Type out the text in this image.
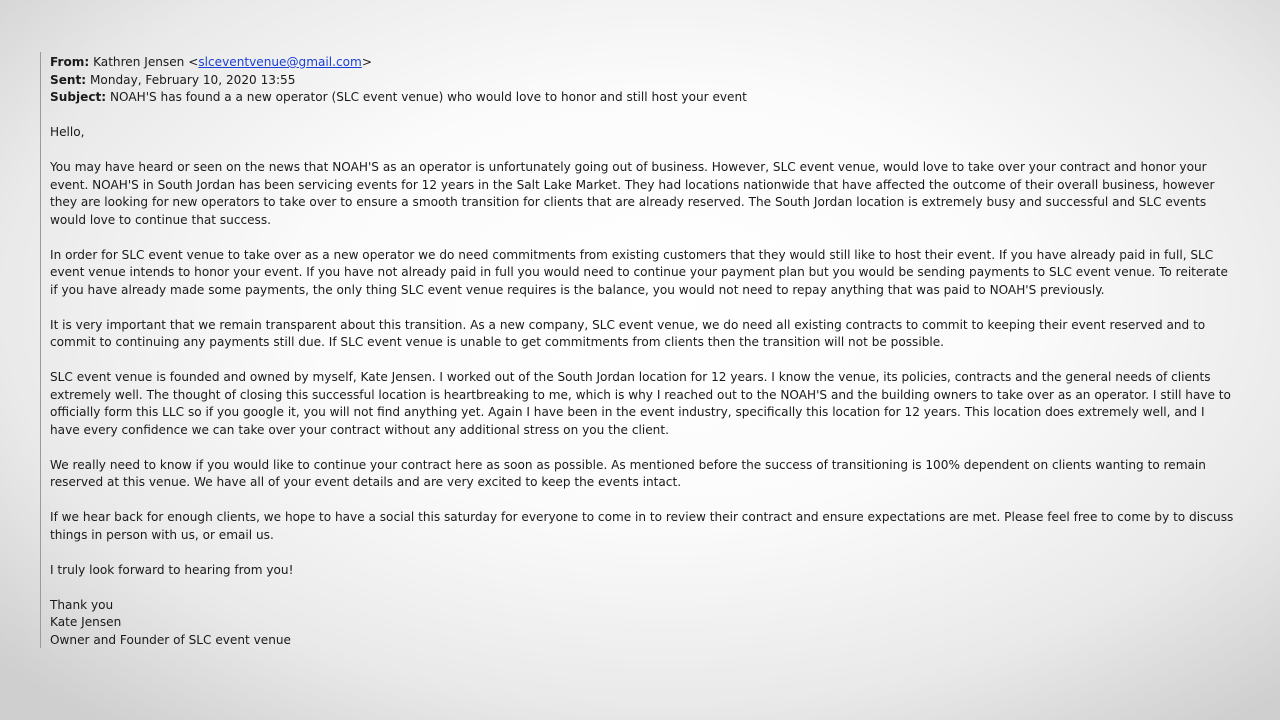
From: Kathren Jensen <slceventvenue@gmail.com>
Sent: Monday, February 10, 2020 13:55
Subject: NOAH'S has found a a new operator (SLC event venue) who would love to honor and still host your event

Hello,

You may have heard or seen on the news that NOAH'S as an operator is unfortunately going out of business. However, SLC event venue, would love to take over your contract and honor your event. NOAH'S in South Jordan has been servicing events for 12 years in the Salt Lake Market. They had locations nationwide that have affected the outcome of their overall business, however they are looking for new operators to take over to ensure a smooth transition for clients that are already reserved. The South Jordan location is extremely busy and successful and SLC events would love to continue that success.

In order for SLC event venue to take over as a new operator we do need commitments from existing customers that they would still like to host their event. If you have already paid in full, SLC event venue intends to honor your event. If you have not already paid in full you would need to continue your payment plan but you would be sending payments to SLC event venue. To reiterate if you have already made some payments, the only thing SLC event venue requires is the balance, you would not need to repay anything that was paid to NOAH'S previously.

It is very important that we remain transparent about this transition. As a new company, SLC event venue, we do need all existing contracts to commit to keeping their event reserved and to commit to continuing any payments still due. If SLC event venue is unable to get commitments from clients then the transition will not be possible.

SLC event venue is founded and owned by myself, Kate Jensen. I worked out of the South Jordan location for 12 years. I know the venue, its policies, contracts and the general needs of clients extremely well. The thought of closing this successful location is heartbreaking to me, which is why I reached out to the NOAH'S and the building owners to take over as an operator. I still have to officially form this LLC so if you google it, you will not find anything yet. Again I have been in the event industry, specifically this location for 12 years. This location does extremely well, and I have every confidence we can take over your contract without any additional stress on you the client.

We really need to know if you would like to continue your contract here as soon as possible. As mentioned before the success of transitioning is 100% dependent on clients wanting to remain reserved at this venue. We have all of your event details and are very excited to keep the events intact.

If we hear back for enough clients, we hope to have a social this saturday for everyone to come in to review their contract and ensure expectations are met. Please feel free to come by to discuss things in person with us, or email us.

I truly look forward to hearing from you!

Thank you
Kate Jensen
Owner and Founder of SLC event venue
